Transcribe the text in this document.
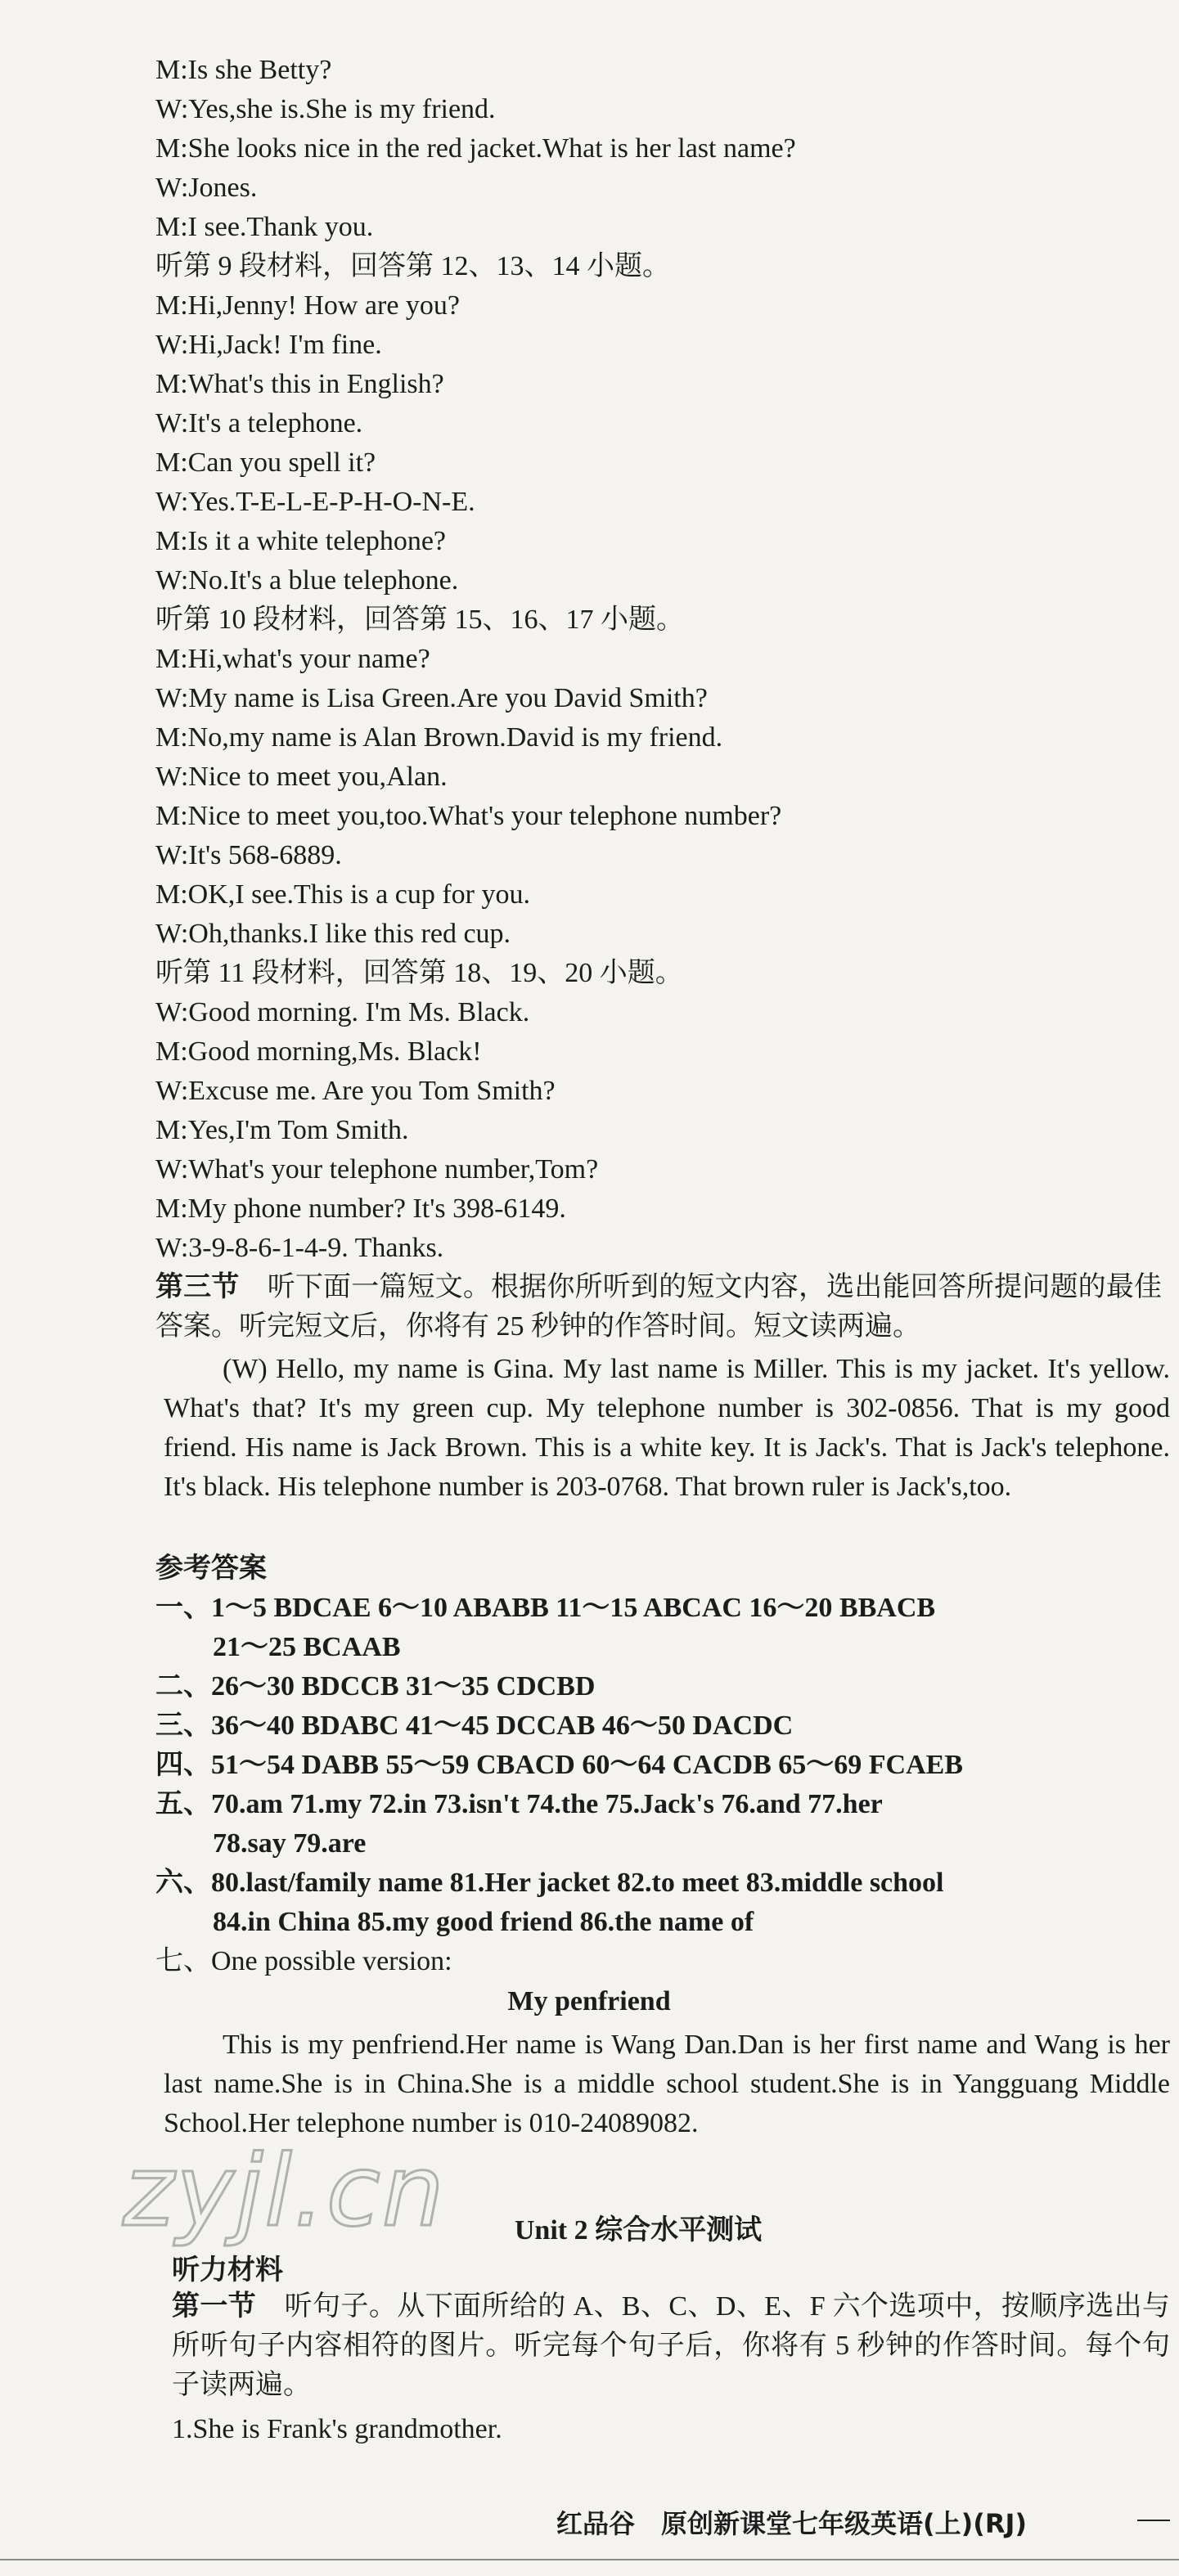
M:Is she Betty?
W:Yes,she is.She is my friend.
M:She looks nice in the red jacket.What is her last name?
W:Jones.
M:I see.Thank you.
听第 9 段材料，回答第 12、13、14 小题。
M:Hi,Jenny! How are you?
W:Hi,Jack! I'm fine.
M:What's this in English?
W:It's a telephone.
M:Can you spell it?
W:Yes.T-E-L-E-P-H-O-N-E.
M:Is it a white telephone?
W:No.It's a blue telephone.
听第 10 段材料，回答第 15、16、17 小题。
M:Hi,what's your name?
W:My name is Lisa Green.Are you David Smith?
M:No,my name is Alan Brown.David is my friend.
W:Nice to meet you,Alan.
M:Nice to meet you,too.What's your telephone number?
W:It's 568-6889.
M:OK,I see.This is a cup for you.
W:Oh,thanks.I like this red cup.
听第 11 段材料，回答第 18、19、20 小题。
W:Good morning. I'm Ms. Black.
M:Good morning,Ms. Black!
W:Excuse me. Are you Tom Smith?
M:Yes,I'm Tom Smith.
W:What's your telephone number,Tom?
M:My phone number? It's 398-6149.
W:3-9-8-6-1-4-9. Thanks.
第三节　 听下面一篇短文。根据你所听到的短文内容，选出能回答所提问题的最佳答案。听完短文后，你将有 25 秒钟的作答时间。短文读两遍。
(W) Hello, my name is Gina. My last name is Miller. This is my jacket. It's yellow. What's that? It's my green cup. My telephone number is 302-0856. That is my good friend. His name is Jack Brown. This is a white key. It is Jack's. That is Jack's telephone. It's black. His telephone number is 203-0768. That brown ruler is Jack's,too.
参考答案
一、1～5 BDCAE 6～10 ABABB 11～15 ABCAC 16～20 BBACB
21～25 BCAAB
二、26～30 BDCCB 31～35 CDCBD
三、36～40 BDABC 41～45 DCCAB 46～50 DACDC
四、51～54 DABB 55～59 CBACD 60～64 CACDB 65～69 FCAEB
五、70.am 71.my 72.in 73.isn't 74.the 75.Jack's 76.and 77.her
78.say 79.are
六、80.last/family name 81.Her jacket 82.to meet 83.middle school
84.in China 85.my good friend 86.the name of
七、One possible version:
My penfriend
This is my penfriend.Her name is Wang Dan.Dan is her first name and Wang is her last name.She is in China.She is a middle school student.She is in Yangguang Middle School.Her telephone number is 010-24089082.
Unit 2 综合水平测试
听力材料
第一节　 听句子。从下面所给的 A、B、C、D、E、F 六个选项中，按顺序选出与所听句子内容相符的图片。听完每个句子后，你将有 5 秒钟的作答时间。每个句子读两遍。
1.She is Frank's grandmother.
zyjl.cn
红品谷　原创新课堂七年级英语(上)(RJ)
